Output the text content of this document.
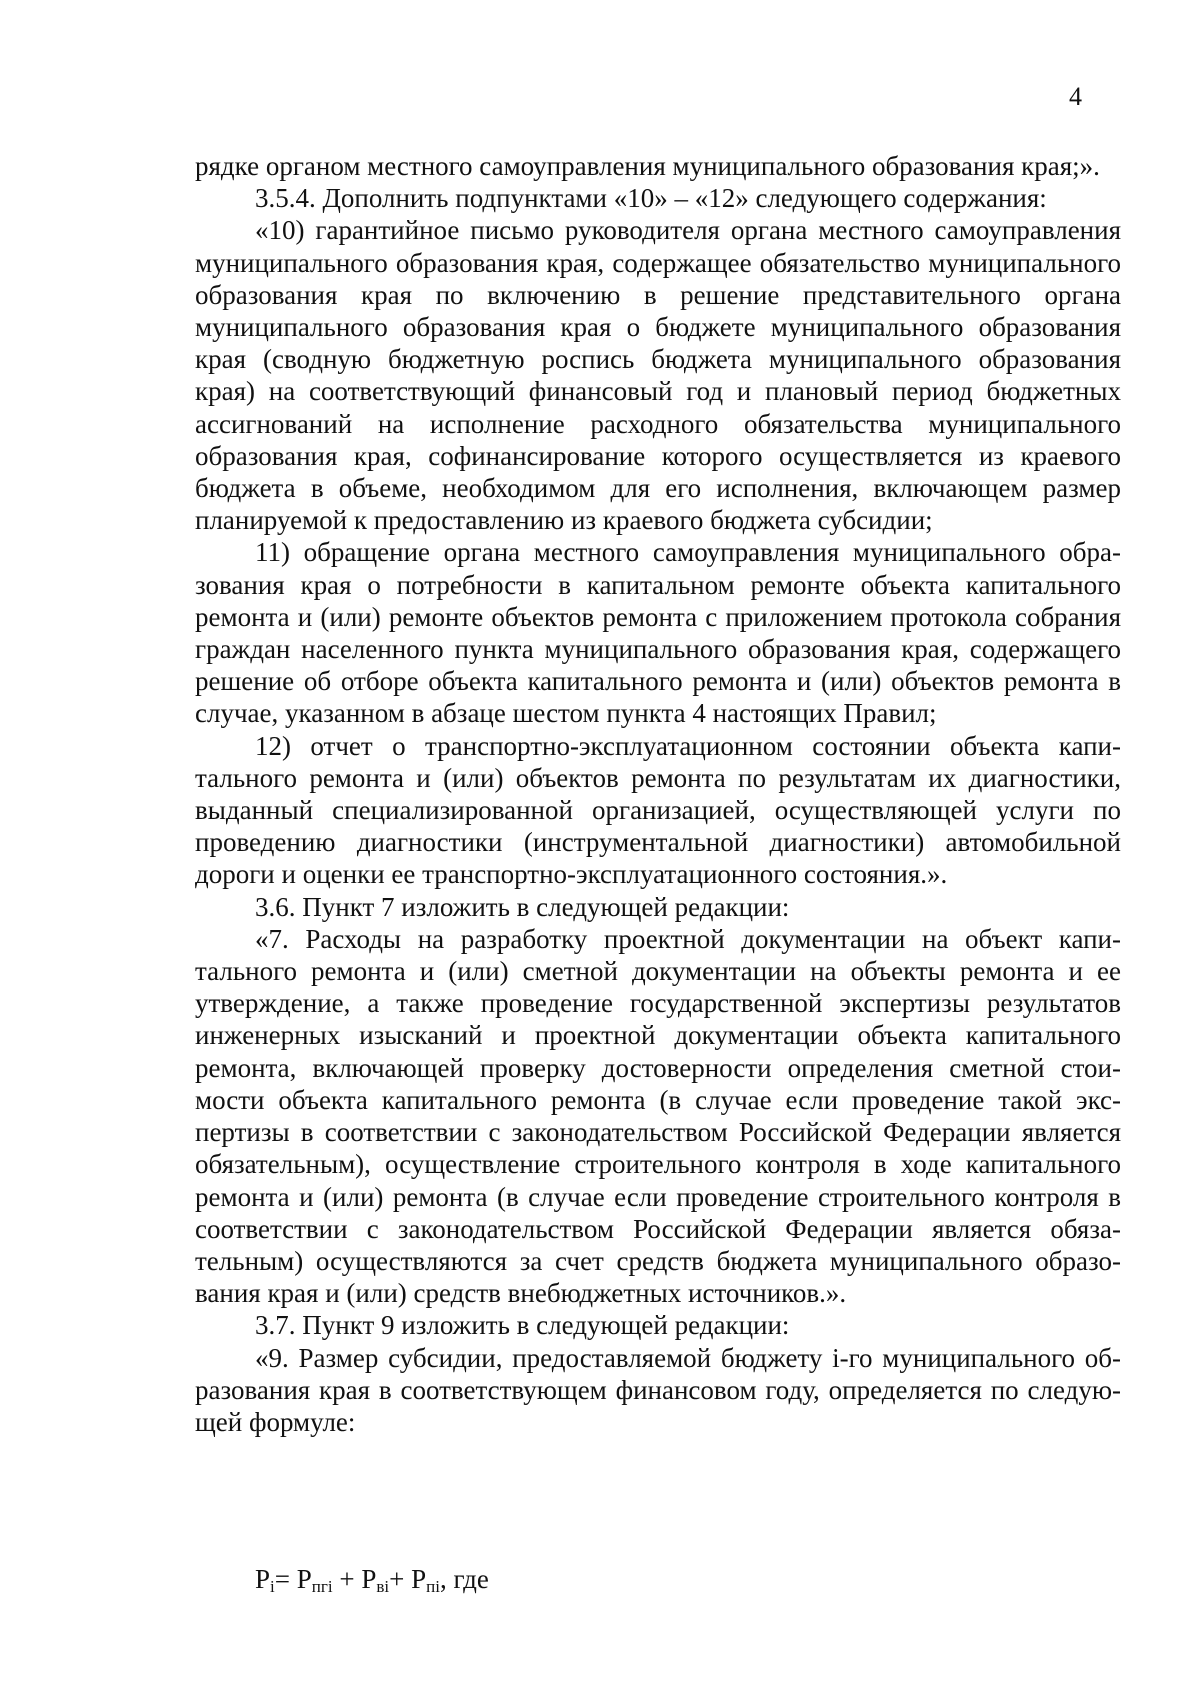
4

рядке органом местного самоуправления муниципального образования края;».

3.5.4. Дополнить подпунктами «10» – «12» следующего содержания:

«10) гарантийное письмо руководителя органа местного самоуправления муниципального образования края, содержащее обязательство муниципального образования края по включению в решение представительного органа муниципального образования края о бюджете муниципального образования края (сводную бюджетную роспись бюджета муниципального образования края) на соответствующий финансовый год и плановый период бюджетных ассигнований на исполнение расходного обязательства муниципального образования края, софинансирование которого осуществляется из краевого бюджета в объеме, необходимом для его исполнения, включающем размер планируемой к предоставлению из краевого бюджета субсидии;

11) обращение органа местного самоуправления муниципального образования края о потребности в капитальном ремонте объекта капитального ремонта и (или) ремонте объектов ремонта с приложением протокола собрания граждан населенного пункта муниципального образования края, содержащего решение об отборе объекта капитального ремонта и (или) объектов ремонта в случае, указанном в абзаце шестом пункта 4 настоящих Правил;

12) отчет о транспортно-эксплуатационном состоянии объекта капитального ремонта и (или) объектов ремонта по результатам их диагностики, выданный специализированной организацией, осуществляющей услуги по проведению диагностики (инструментальной диагностики) автомобильной дороги и оценки ее транспортно-эксплуатационного состояния.».

3.6. Пункт 7 изложить в следующей редакции:

«7. Расходы на разработку проектной документации на объект капитального ремонта и (или) сметной документации на объекты ремонта и ее утверждение, а также проведение государственной экспертизы результатов инженерных изысканий и проектной документации объекта капитального ремонта, включающей проверку достоверности определения сметной стоимости объекта капитального ремонта (в случае если проведение такой экспертизы в соответствии с законодательством Российской Федерации является обязательным), осуществление строительного контроля в ходе капитального ремонта и (или) ремонта (в случае если проведение строительного контроля в соответствии с законодательством Российской Федерации является обязательным) осуществляются за счет средств бюджета муниципального образования края и (или) средств внебюджетных источников.».

3.7. Пункт 9 изложить в следующей редакции:

«9. Размер субсидии, предоставляемой бюджету i-го муниципального образования края в соответствующем финансовом году, определяется по следующей формуле:

$P_i= P_{пгi} + P_{вi}+ P_{пi}$, где
